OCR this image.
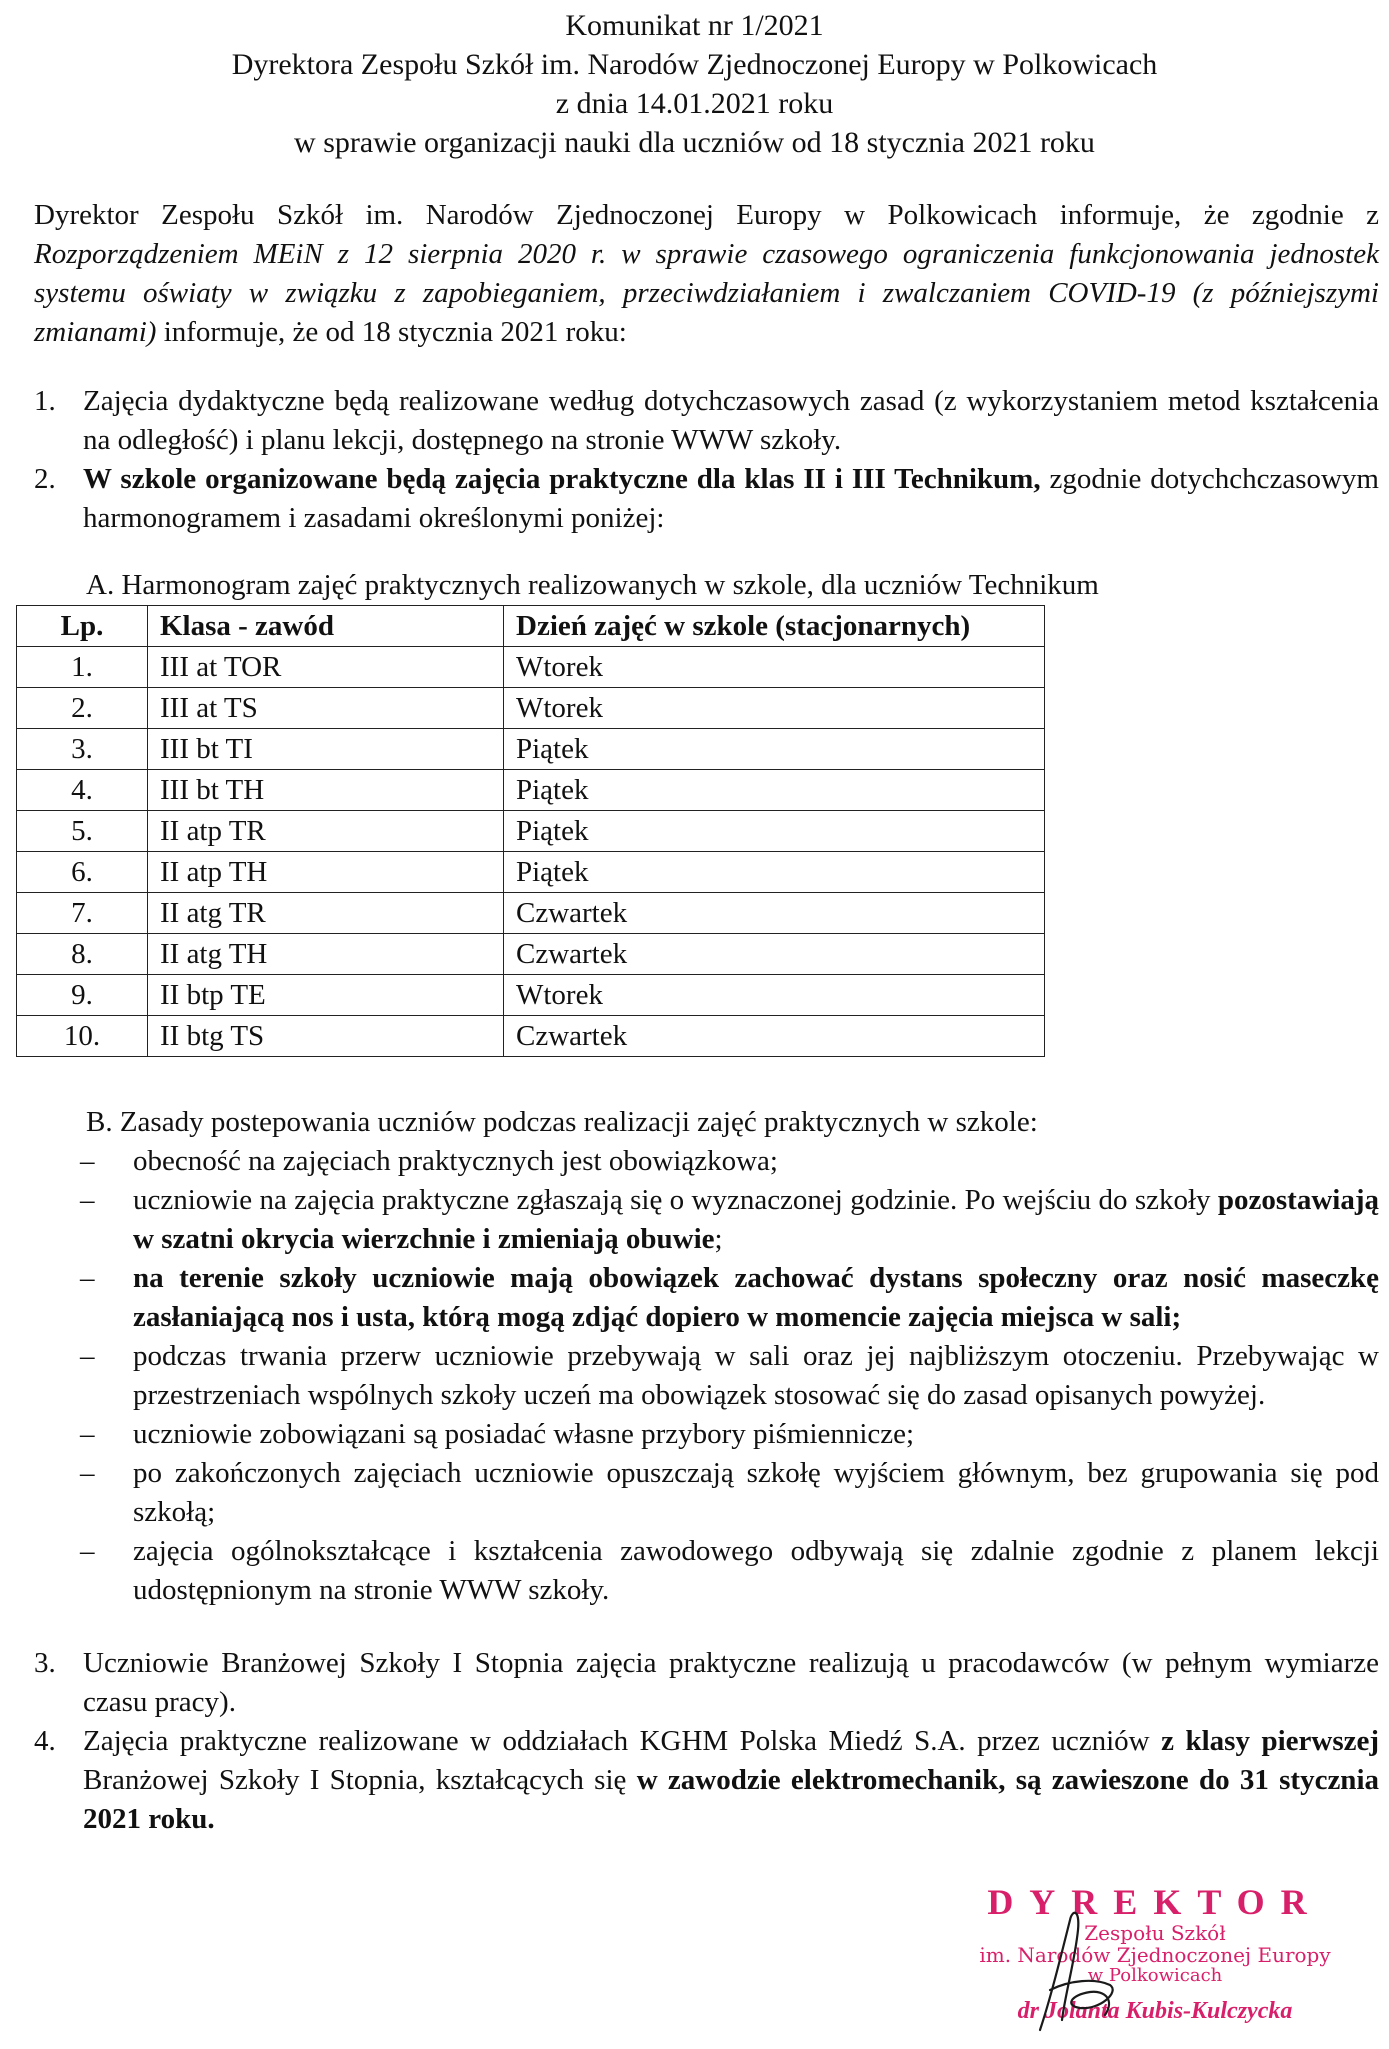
Komunikat nr 1/2021
Dyrektora Zespołu Szkół im. Narodów Zjednoczonej Europy w Polkowicach
z dnia 14.01.2021 roku
w sprawie organizacji nauki dla uczniów od 18 stycznia 2021 roku
Dyrektor Zespołu Szkół im. Narodów Zjednoczonej Europy w Polkowicach informuje, że zgodnie z Rozporządzeniem MEiN z 12 sierpnia 2020 r. w sprawie czasowego ograniczenia funkcjonowania jednostek systemu oświaty w związku z zapobieganiem, przeciwdziałaniem i zwalczaniem COVID-19 (z późniejszymi zmianami) informuje, że od 18 stycznia 2021 roku:
1. Zajęcia dydaktyczne będą realizowane według dotychczasowych zasad (z wykorzystaniem metod kształcenia na odległość) i planu lekcji, dostępnego na stronie WWW szkoły.
2. W szkole organizowane będą zajęcia praktyczne dla klas II i III Technikum, zgodnie dotychchczasowym harmonogramem i zasadami określonymi poniżej:
A. Harmonogram zajęć praktycznych realizowanych w szkole, dla uczniów Technikum
Lp.	Klasa - zawód	Dzień zajęć w szkole (stacjonarnych)
1.	III at TOR	Wtorek
2.	III at TS	Wtorek
3.	III bt TI	Piątek
4.	III bt TH	Piątek
5.	II atp TR	Piątek
6.	II atp TH	Piątek
7.	II atg TR	Czwartek
8.	II atg TH	Czwartek
9.	II btp TE	Wtorek
10.	II btg TS	Czwartek
B. Zasady postepowania uczniów podczas realizacji zajęć praktycznych w szkole:
– obecność na zajęciach praktycznych jest obowiązkowa;
– uczniowie na zajęcia praktyczne zgłaszają się o wyznaczonej godzinie. Po wejściu do szkoły pozostawiają w szatni okrycia wierzchnie i zmieniają obuwie;
– na terenie szkoły uczniowie mają obowiązek zachować dystans społeczny oraz nosić maseczkę zasłaniającą nos i usta, którą mogą zdjąć dopiero w momencie zajęcia miejsca w sali;
– podczas trwania przerw uczniowie przebywają w sali oraz jej najbliższym otoczeniu. Przebywając w przestrzeniach wspólnych szkoły uczeń ma obowiązek stosować się do zasad opisanych powyżej.
– uczniowie zobowiązani są posiadać własne przybory piśmiennicze;
– po zakończonych zajęciach uczniowie opuszczają szkołę wyjściem głównym, bez grupowania się pod szkołą;
– zajęcia ogólnokształcące i kształcenia zawodowego odbywają się zdalnie zgodnie z planem lekcji udostępnionym na stronie WWW szkoły.
3. Uczniowie Branżowej Szkoły I Stopnia zajęcia praktyczne realizują u pracodawców (w pełnym wymiarze czasu pracy).
4. Zajęcia praktyczne realizowane w oddziałach KGHM Polska Miedź S.A. przez uczniów z klasy pierwszej Branżowej Szkoły I Stopnia, kształcących się w zawodzie elektromechanik, są zawieszone do 31 stycznia 2021 roku.
DYREKTOR
Zespołu Szkół
im. Narodów Zjednoczonej Europy
w Polkowicach
dr Jolanta Kubis-Kulczycka
